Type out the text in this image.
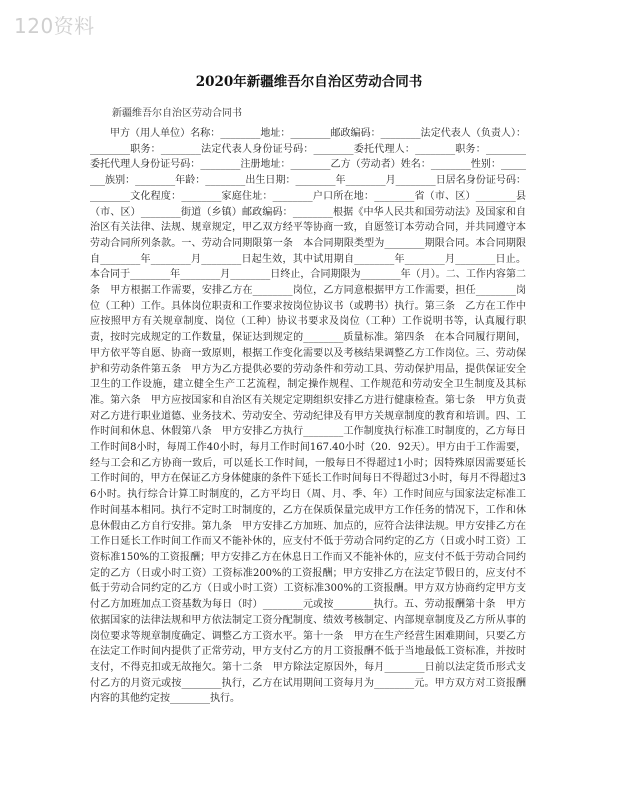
120资料
2020年新疆维吾尔自治区劳动合同书
新疆维吾尔自治区劳动合同书
甲方（用人单位）名称：________地址：________邮政编码：________法定代表人（负责人）：________职务：________法定代表人身份证号码：________委托代理人：________职务：________委托代理人身份证号码：________注册地址：________乙方（劳动者）姓名：________性别：________族别：________年龄：________出生日期：________年________月________日居名身份证号码：________文化程度：________家庭住址：________户口所在地：________省（市、区）________县（市、区）________街道（乡镇）邮政编码：________根据《中华人民共和国劳动法》及国家和自治区有关法律、法规、规章规定，甲乙双方经平等协商一致，自愿签订本劳动合同，并共同遵守本劳动合同所列条款。一、劳动合同期限第一条　本合同期限类型为________期限合同。本合同期限自________年________月________日起生效，其中试用期自________年________月________日止。本合同于________年________月________日终止，合同期限为________年（月）。二、工作内容第二条　甲方根据工作需要，安排乙方在________岗位，乙方同意根据甲方工作需要，担任________岗位（工种）工作。具体岗位职责和工作要求按岗位协议书（或聘书）执行。第三条　乙方在工作中应按照甲方有关规章制度、岗位（工种）协议书要求及岗位（工种）工作说明书等，认真履行职责，按时完成规定的工作数量，保证达到规定的________质量标准。第四条　在本合同履行期间，甲方依平等自愿、协商一致原则，根据工作变化需要以及考核结果调整乙方工作岗位。三、劳动保护和劳动条件第五条　甲方为乙方提供必要的劳动条件和劳动工具、劳动保护用品，提供保证安全卫生的工作设施，建立健全生产工艺流程，制定操作规程、工作规范和劳动安全卫生制度及其标准。第六条　甲方应按国家和自治区有关规定定期组织安排乙方进行健康检查。第七条　甲方负责对乙方进行职业道德、业务技术、劳动安全、劳动纪律及有甲方关规章制度的教育和培训。四、工作时间和休息、休假第八条　甲方安排乙方执行________工作制度执行标准工时制度的，乙方每日工作时间8小时，每周工作40小时，每月工作时间167.40小时（20．92天）。甲方由于工作需要，经与工会和乙方协商一致后，可以延长工作时间，一般每日不得超过1小时；因特殊原因需要延长工作时间的，甲方在保证乙方身体健康的条件下延长工作时间每日不得超过3小时，每月不得超过36小时。执行综合计算工时制度的，乙方平均日（周、月、季、年）工作时间应与国家法定标准工作时间基本相同。执行不定时工时制度的，乙方在保质保量完成甲方工作任务的情况下，工作和休息休假由乙方自行安排。第九条　甲方安排乙方加班、加点的，应符合法律法规。甲方安排乙方在工作日延长工作时间工作而又不能补休的，应支付不低于劳动合同约定的乙方（日或小时工资）工资标准150%的工资报酬；甲方安排乙方在休息日工作而又不能补休的，应支付不低于劳动合同约定的乙方（日或小时工资）工资标准200%的工资报酬；甲方安排乙方在法定节假日的，应支付不低于劳动合同约定的乙方（日或小时工资）工资标准300%的工资报酬。甲方双方协商约定甲方支付乙方加班加点工资基数为每日（时）________元或按________执行。五、劳动报酬第十条　甲方依据国家的法律法规和甲方依法制定工资分配制度、绩效考核制定、内部规章制度及乙方所从事的岗位要求等规章制度确定、调整乙方工资水平。第十一条　甲方在生产经营生困难期间，只要乙方在法定工作时间内提供了正常劳动，甲方支付乙方的月工资报酬不低于当地最低工资标准，并按时支付，不得克扣或无故拖欠。第十二条　甲方除法定原因外，每月________日前以法定货币形式支付乙方的月资元或按________执行，乙方在试用期间工资每月为________元。甲方双方对工资报酬内容的其他约定按________执行。
